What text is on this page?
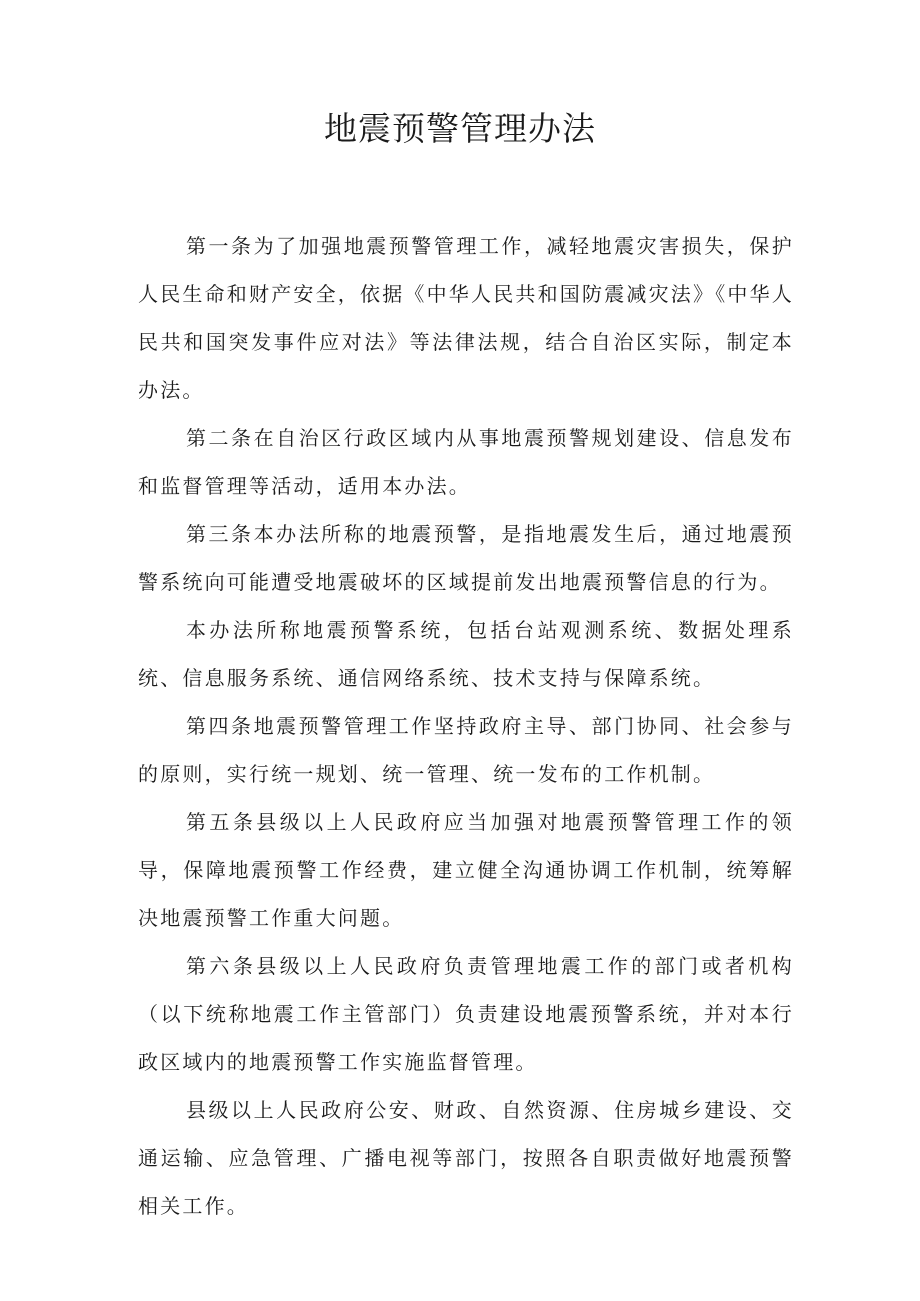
地震预警管理办法

第一条为了加强地震预警管理工作，减轻地震灾害损失，保护人民生命和财产安全，依据《中华人民共和国防震减灾法》《中华人民共和国突发事件应对法》等法律法规，结合自治区实际，制定本办法。

第二条在自治区行政区域内从事地震预警规划建设、信息发布和监督管理等活动，适用本办法。

第三条本办法所称的地震预警，是指地震发生后，通过地震预警系统向可能遭受地震破坏的区域提前发出地震预警信息的行为。

本办法所称地震预警系统，包括台站观测系统、数据处理系统、信息服务系统、通信网络系统、技术支持与保障系统。

第四条地震预警管理工作坚持政府主导、部门协同、社会参与的原则，实行统一规划、统一管理、统一发布的工作机制。

第五条县级以上人民政府应当加强对地震预警管理工作的领导，保障地震预警工作经费，建立健全沟通协调工作机制，统筹解决地震预警工作重大问题。

第六条县级以上人民政府负责管理地震工作的部门或者机构（以下统称地震工作主管部门）负责建设地震预警系统，并对本行政区域内的地震预警工作实施监督管理。

县级以上人民政府公安、财政、自然资源、住房城乡建设、交通运输、应急管理、广播电视等部门，按照各自职责做好地震预警相关工作。
